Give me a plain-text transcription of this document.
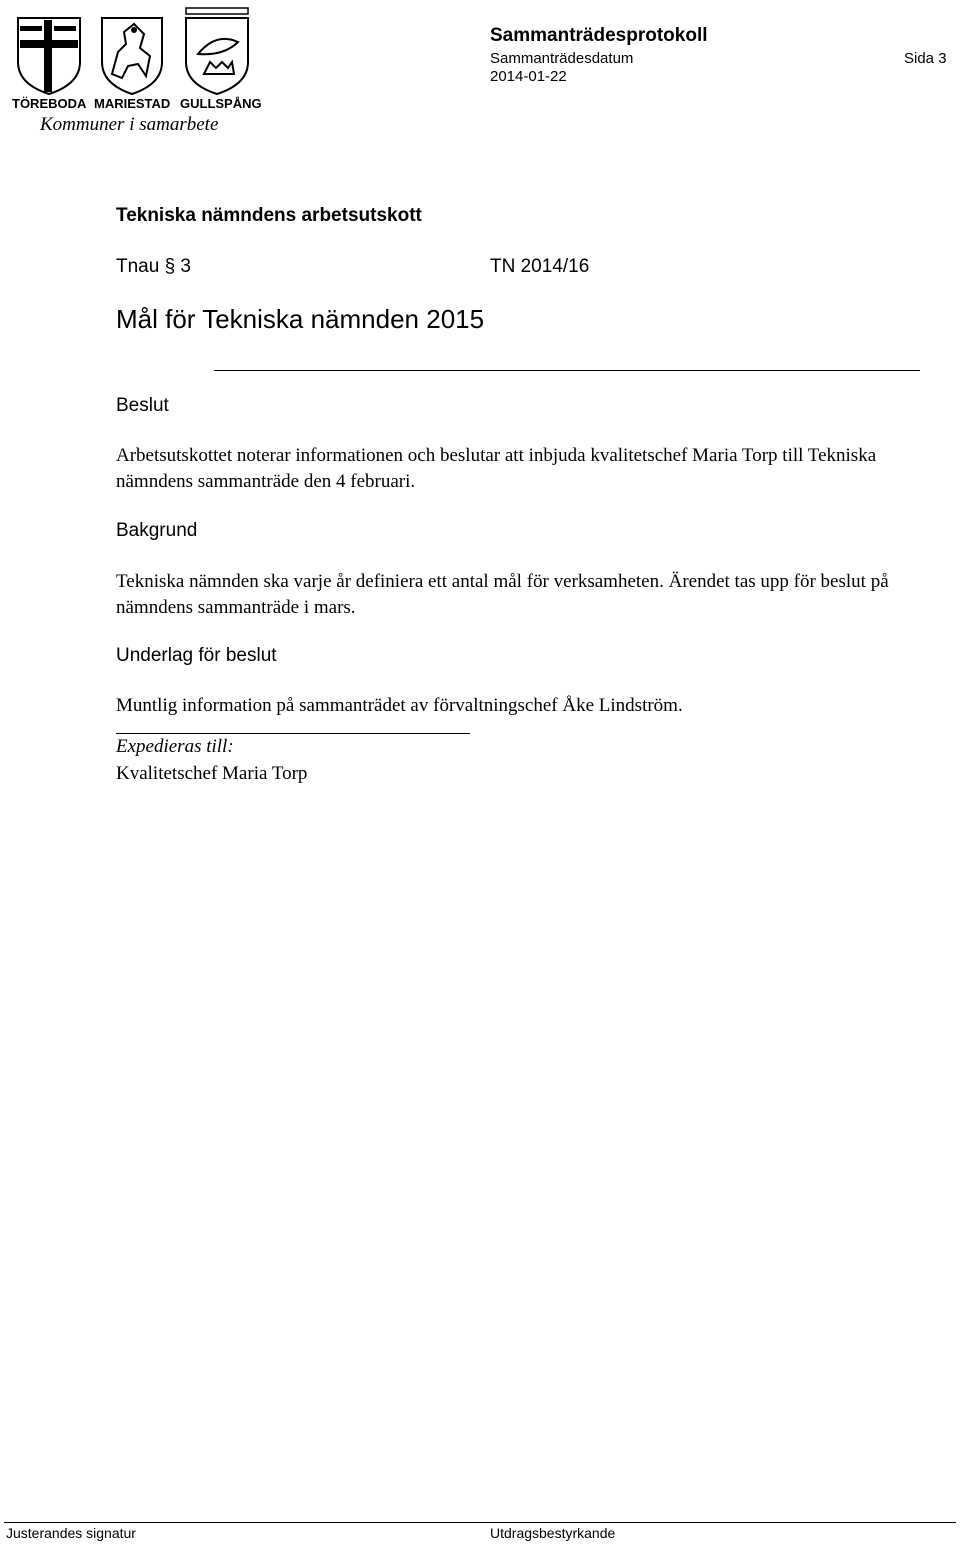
TÖREBODA MARIESTAD GULLSPÅNG
Kommuner i samarbete
Sammanträdesprotokoll
Sammanträdesdatum
2014-01-22
Sida 3
Tekniska nämndens arbetsutskott
Tnau § 3	TN 2014/16
Mål för Tekniska nämnden 2015
Beslut
Arbetsutskottet noterar informationen och beslutar att inbjuda kvalitetschef Maria Torp till Tekniska nämndens sammanträde den 4 februari.
Bakgrund
Tekniska nämnden ska varje år definiera ett antal mål för verksamheten. Ärendet tas upp för beslut på nämndens sammanträde i mars.
Underlag för beslut
Muntlig information på sammanträdet av förvaltningschef Åke Lindström.
Expedieras till:
Kvalitetschef Maria Torp
Justerandes signatur	Utdragsbestyrkande
